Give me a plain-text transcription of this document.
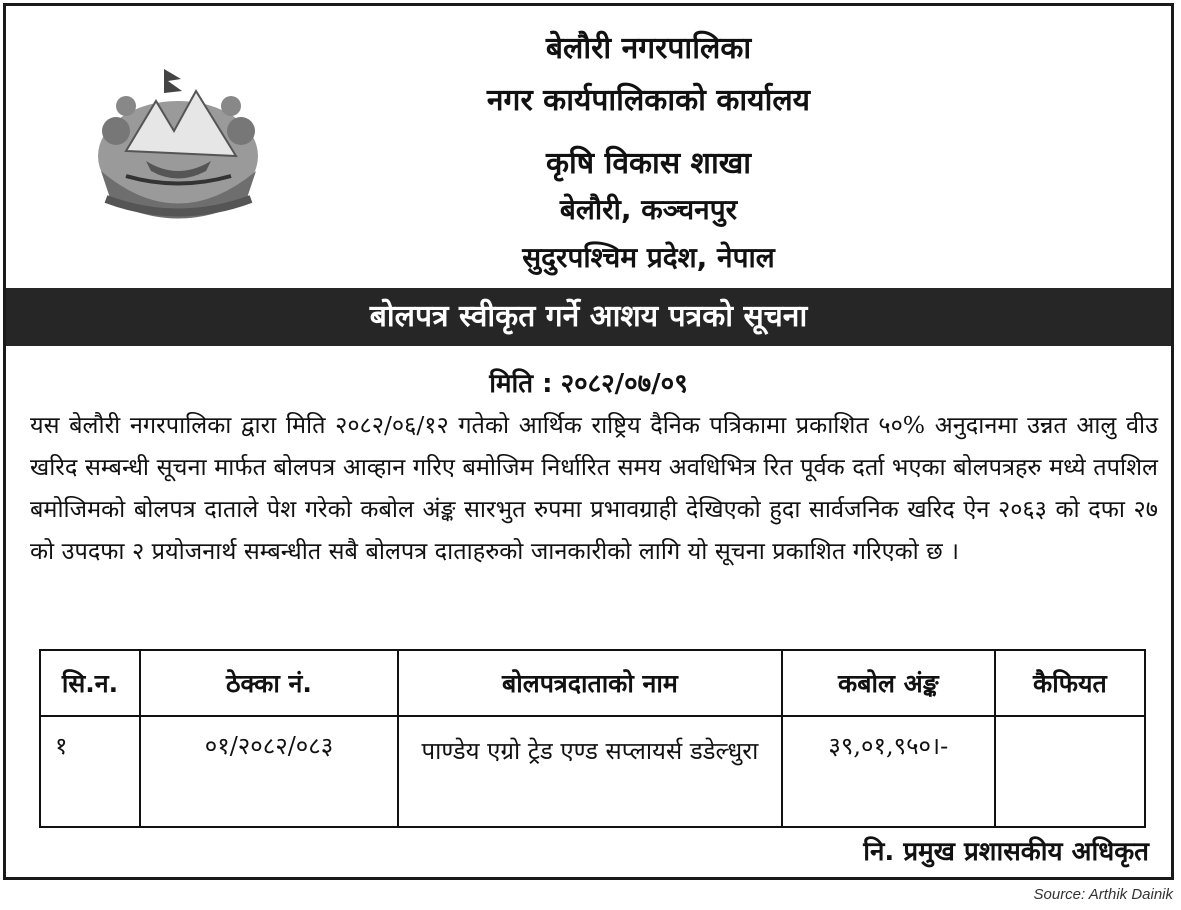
बेलौरी नगरपालिका
नगर कार्यपालिकाको कार्यालय
कृषि विकास शाखा
बेलौरी, कञ्चनपुर
सुदुरपश्चिम प्रदेश, नेपाल
बोलपत्र स्वीकृत गर्ने आशय पत्रको सूचना
मिति : २०८२/०७/०९
यस बेलौरी नगरपालिका द्वारा मिति २०८२/०६/१२ गतेको आर्थिक राष्ट्रिय दैनिक पत्रिकामा प्रकाशित ५०% अनुदानमा उन्नत आलु वीउ खरिद सम्बन्धी सूचना मार्फत बोलपत्र आव्हान गरिए बमोजिम निर्धारित समय अवधिभित्र रित पूर्वक दर्ता भएका बोलपत्रहरु मध्ये तपशिल बमोजिमको बोलपत्र दाताले पेश गरेको कबोल अंङ्क सारभुत रुपमा प्रभावग्राही देखिएको हुदा सार्वजनिक खरिद ऐन २०६३ को दफा २७ को उपदफा २ प्रयोजनार्थ सम्बन्धीत सबै बोलपत्र दाताहरुको जानकारीको लागि यो सूचना प्रकाशित गरिएको छ ।
सि.न.	ठेक्का नं.	बोलपत्रदाताको नाम	कबोल अंङ्क	कैफियत
१	०१/२०८२/०८३	पाण्डेय एग्रो ट्रेड एण्ड सप्लायर्स डडेल्धुरा	३९,०१,९५०।-	
नि. प्रमुख प्रशासकीय अधिकृत
Source: Arthik Dainik
